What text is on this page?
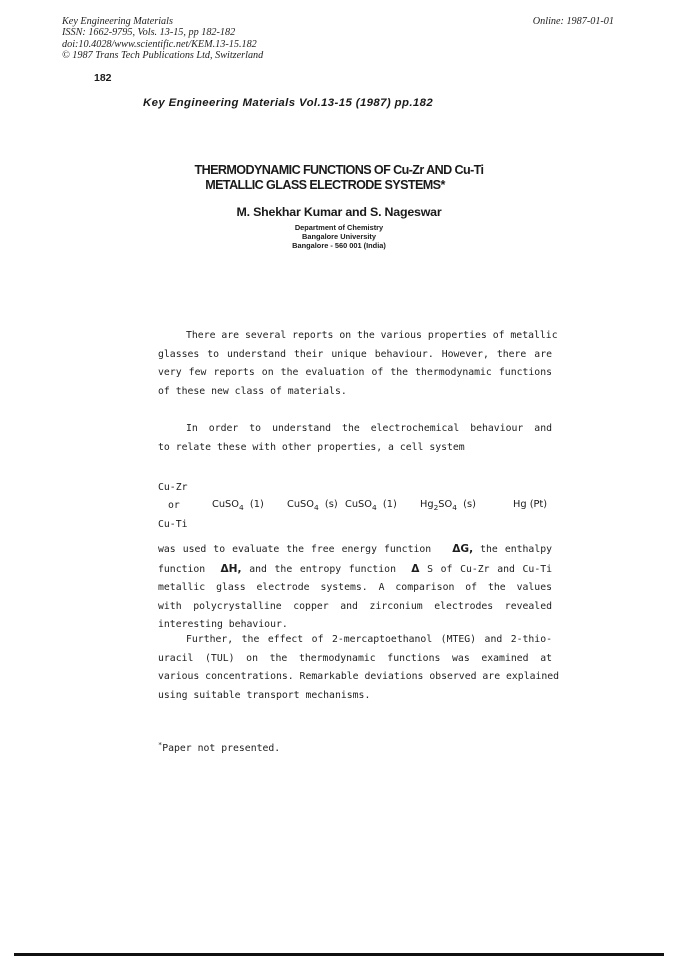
Key Engineering Materials
ISSN: 1662-9795, Vols. 13-15, pp 182-182
doi:10.4028/www.scientific.net/KEM.13-15.182
© 1987 Trans Tech Publications Ltd, Switzerland
Online: 1987-01-01
182
Key Engineering Materials Vol.13-15 (1987) pp.182
THERMODYNAMIC FUNCTIONS OF Cu-Zr AND Cu-Ti
METALLIC GLASS ELECTRODE SYSTEMS*
M. Shekhar Kumar and S. Nageswar
Department of Chemistry
Bangalore University
Bangalore - 560 001 (India)
There are several reports on the various properties of metallic
glasses to understand their unique behaviour. However, there are
very few reports on the evaluation of the thermodynamic functions
of these new class of materials.
In order to understand the electrochemical behaviour and
to relate these with other properties, a cell system
Cu-Zr
or
Cu-Ti
CuSO$_4$ (1) CuSO$_4$ (s) CuSO$_4$ (1) $Hg_2SO_4$ (s)	Hg (Pt)
was used to evaluate the free energy function ΔG, the enthalpy
function ΔH, and the entropy function Δ S of Cu-Zr and Cu-Ti
metallic glass electrode systems. A comparison of the values
with polycrystalline copper and zirconium electrodes revealed
interesting behaviour.
Further, the effect of 2-mercaptoethanol (MTEG) and 2-thio-
uracil (TUL) on the thermodynamic functions was examined at
various concentrations. Remarkable deviations observed are explained
using suitable transport mechanisms.
*Paper not presented.
